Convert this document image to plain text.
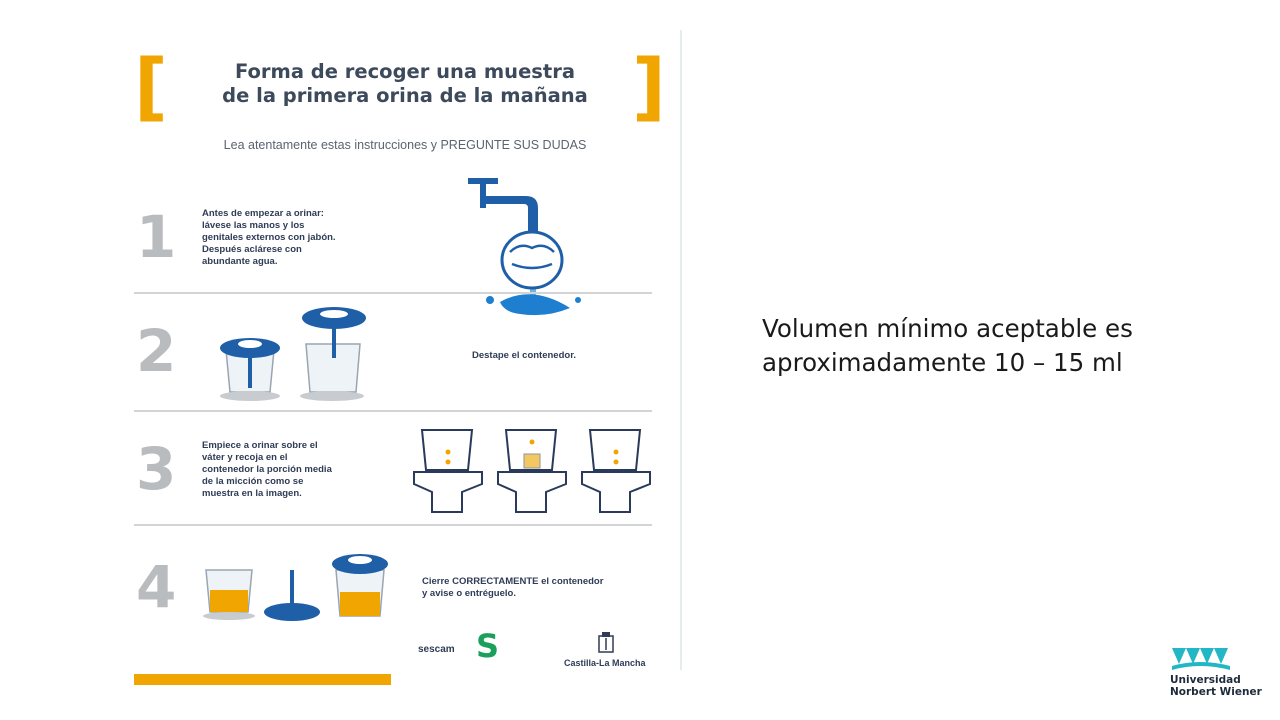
[	]
Forma de recoger una muestra
de la primera orina de la mañana
Lea atentamente estas instrucciones y PREGUNTE SUS DUDAS
1	Antes de empezar a orinar:
lávese las manos y los
genitales externos con jabón.
Después aclárese con
abundante agua.
2	Destape el contenedor.
3	Empiece a orinar sobre el
váter y recoja en el
contenedor la porción media
de la micción como se
muestra en la imagen.
4	Cierre CORRECTAMENTE el contenedor
y avise o entréguelo.
sescam S	Castilla-La Mancha
Volumen mínimo aceptable es
aproximadamente 10 – 15 ml
Universidad
Norbert Wiener
